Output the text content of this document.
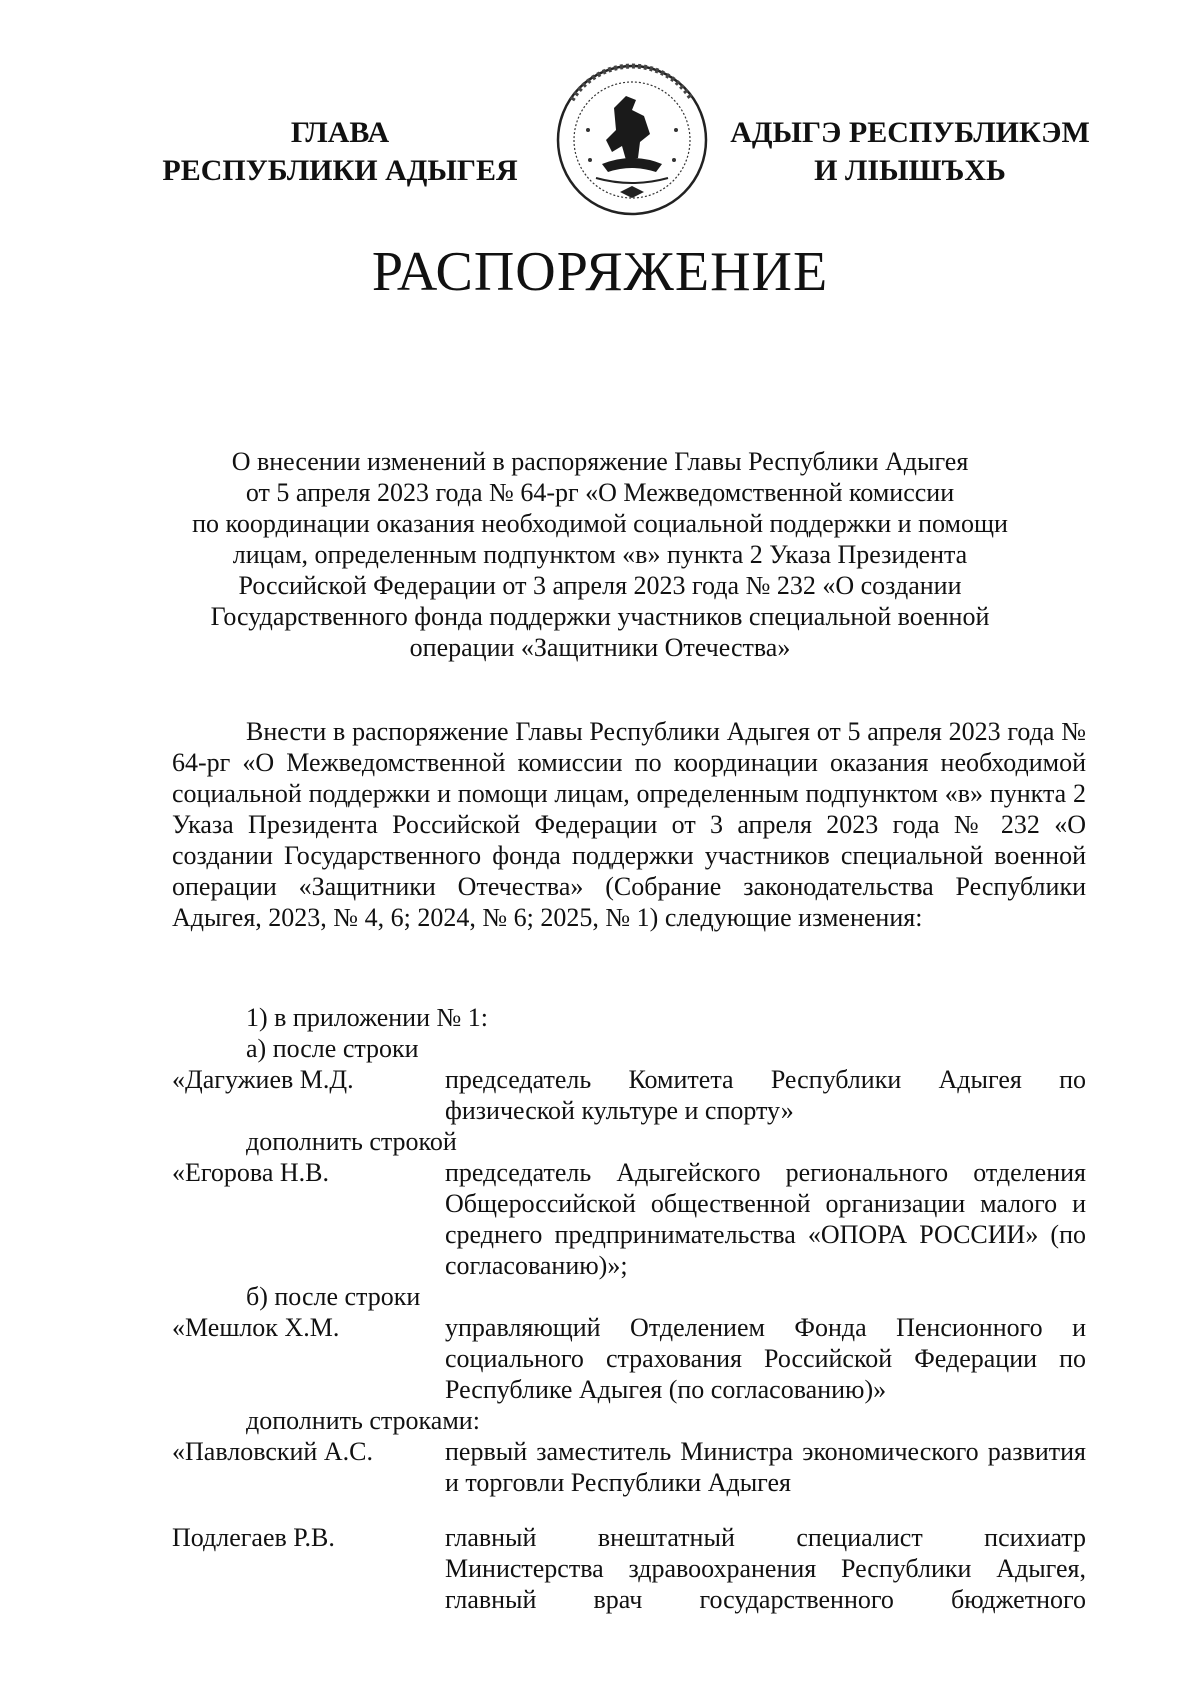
ГЛАВА
РЕСПУБЛИКИ АДЫГЕЯ
АДЫГЭ РЕСПУБЛИКЭМ
И ЛІЫШЪХЬ
РАСПОРЯЖЕНИЕ
О внесении изменений в распоряжение Главы Республики Адыгея
от 5 апреля 2023 года № 64-рг «О Межведомственной комиссии
по координации оказания необходимой социальной поддержки и помощи
лицам, определенным подпунктом «в» пункта 2 Указа Президента
Российской Федерации от 3 апреля 2023 года № 232 «О создании
Государственного фонда поддержки участников специальной военной
операции «Защитники Отечества»
Внести в распоряжение Главы Республики Адыгея от 5 апреля 2023 года № 64-рг «О Межведомственной комиссии по координации оказания необходимой социальной поддержки и помощи лицам, определенным подпунктом «в» пункта 2 Указа Президента Российской Федерации от 3 апреля 2023 года № 232 «О создании Государственного фонда поддержки участников специальной военной операции «Защитники Отечества» (Собрание законодательства Республики Адыгея, 2023, № 4, 6; 2024, № 6; 2025, № 1) следующие изменения:
1) в приложении № 1:
а) после строки
«Дагужиев М.Д.	председатель Комитета Республики Адыгея по физической культуре и спорту»
дополнить строкой
«Егорова Н.В.	председатель Адыгейского регионального отделения Общероссийской общественной организации малого и среднего предпринимательства «ОПОРА РОССИИ» (по согласованию)»;
б) после строки
«Мешлок Х.М.	управляющий Отделением Фонда Пенсионного и социального страхования Российской Федерации по Республике Адыгея (по согласованию)»
дополнить строками:
«Павловский А.С.	первый заместитель Министра экономического развития и торговли Республики Адыгея
Подлегаев Р.В.	главный внештатный специалист психиатр Министерства здравоохранения Республики Адыгея, главный врач государственного бюджетного
